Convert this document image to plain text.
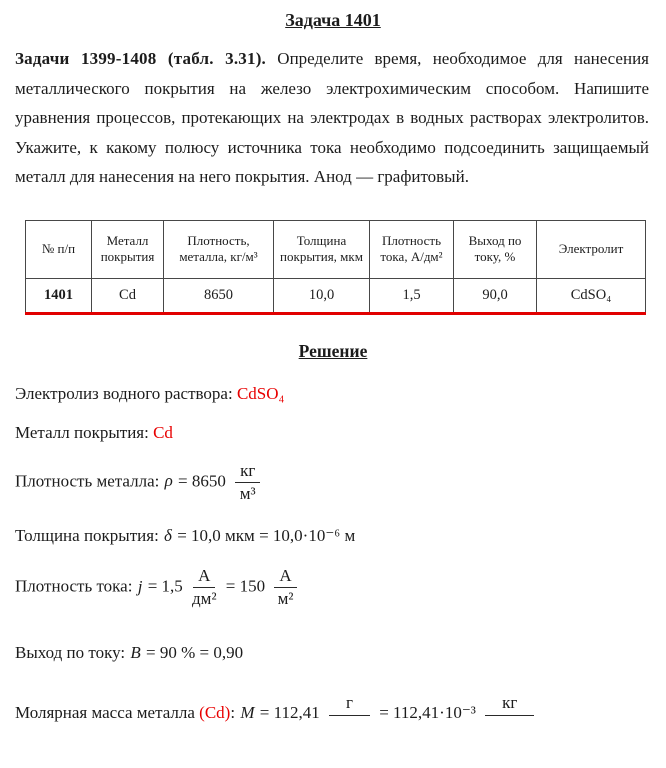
Задача 1401

Задачи 1399-1408 (табл. 3.31). Определите время, необходимое для нанесения металлического покрытия на железо электрохимическим способом. Напишите уравнения процессов, протекающих на электродах в водных растворах электролитов. Укажите, к какому полюсу источника тока необходимо подсоединить защищаемый металл для нанесения на него покрытия. Анод — графитовый.

№ п/п	Металл покрытия	Плотность, металла, кг/м³	Толщина покрытия, мкм	Плотность тока, А/дм²	Выход по току, %	Электролит
1401	Cd	8650	10,0	1,5	90,0	CdSO₄
Решение
Электролиз водного раствора: CdSO₄
Металл покрытия: Cd
Плотность металла: $\rho = 8650 \frac{кг}{\text{м³}}$
Толщина покрытия: δ = 10,0 мкм = 10,0·10⁻⁶ м
Плотность тока: $j = 1,5 \frac{А}{\text{дм²}} = 150 \frac{А}{\text{м²}}$
Выход по току: B = 90 % = 0,90
Молярная масса металла (Cd): M = 112,41
г
= 112,41·10⁻³
кг
